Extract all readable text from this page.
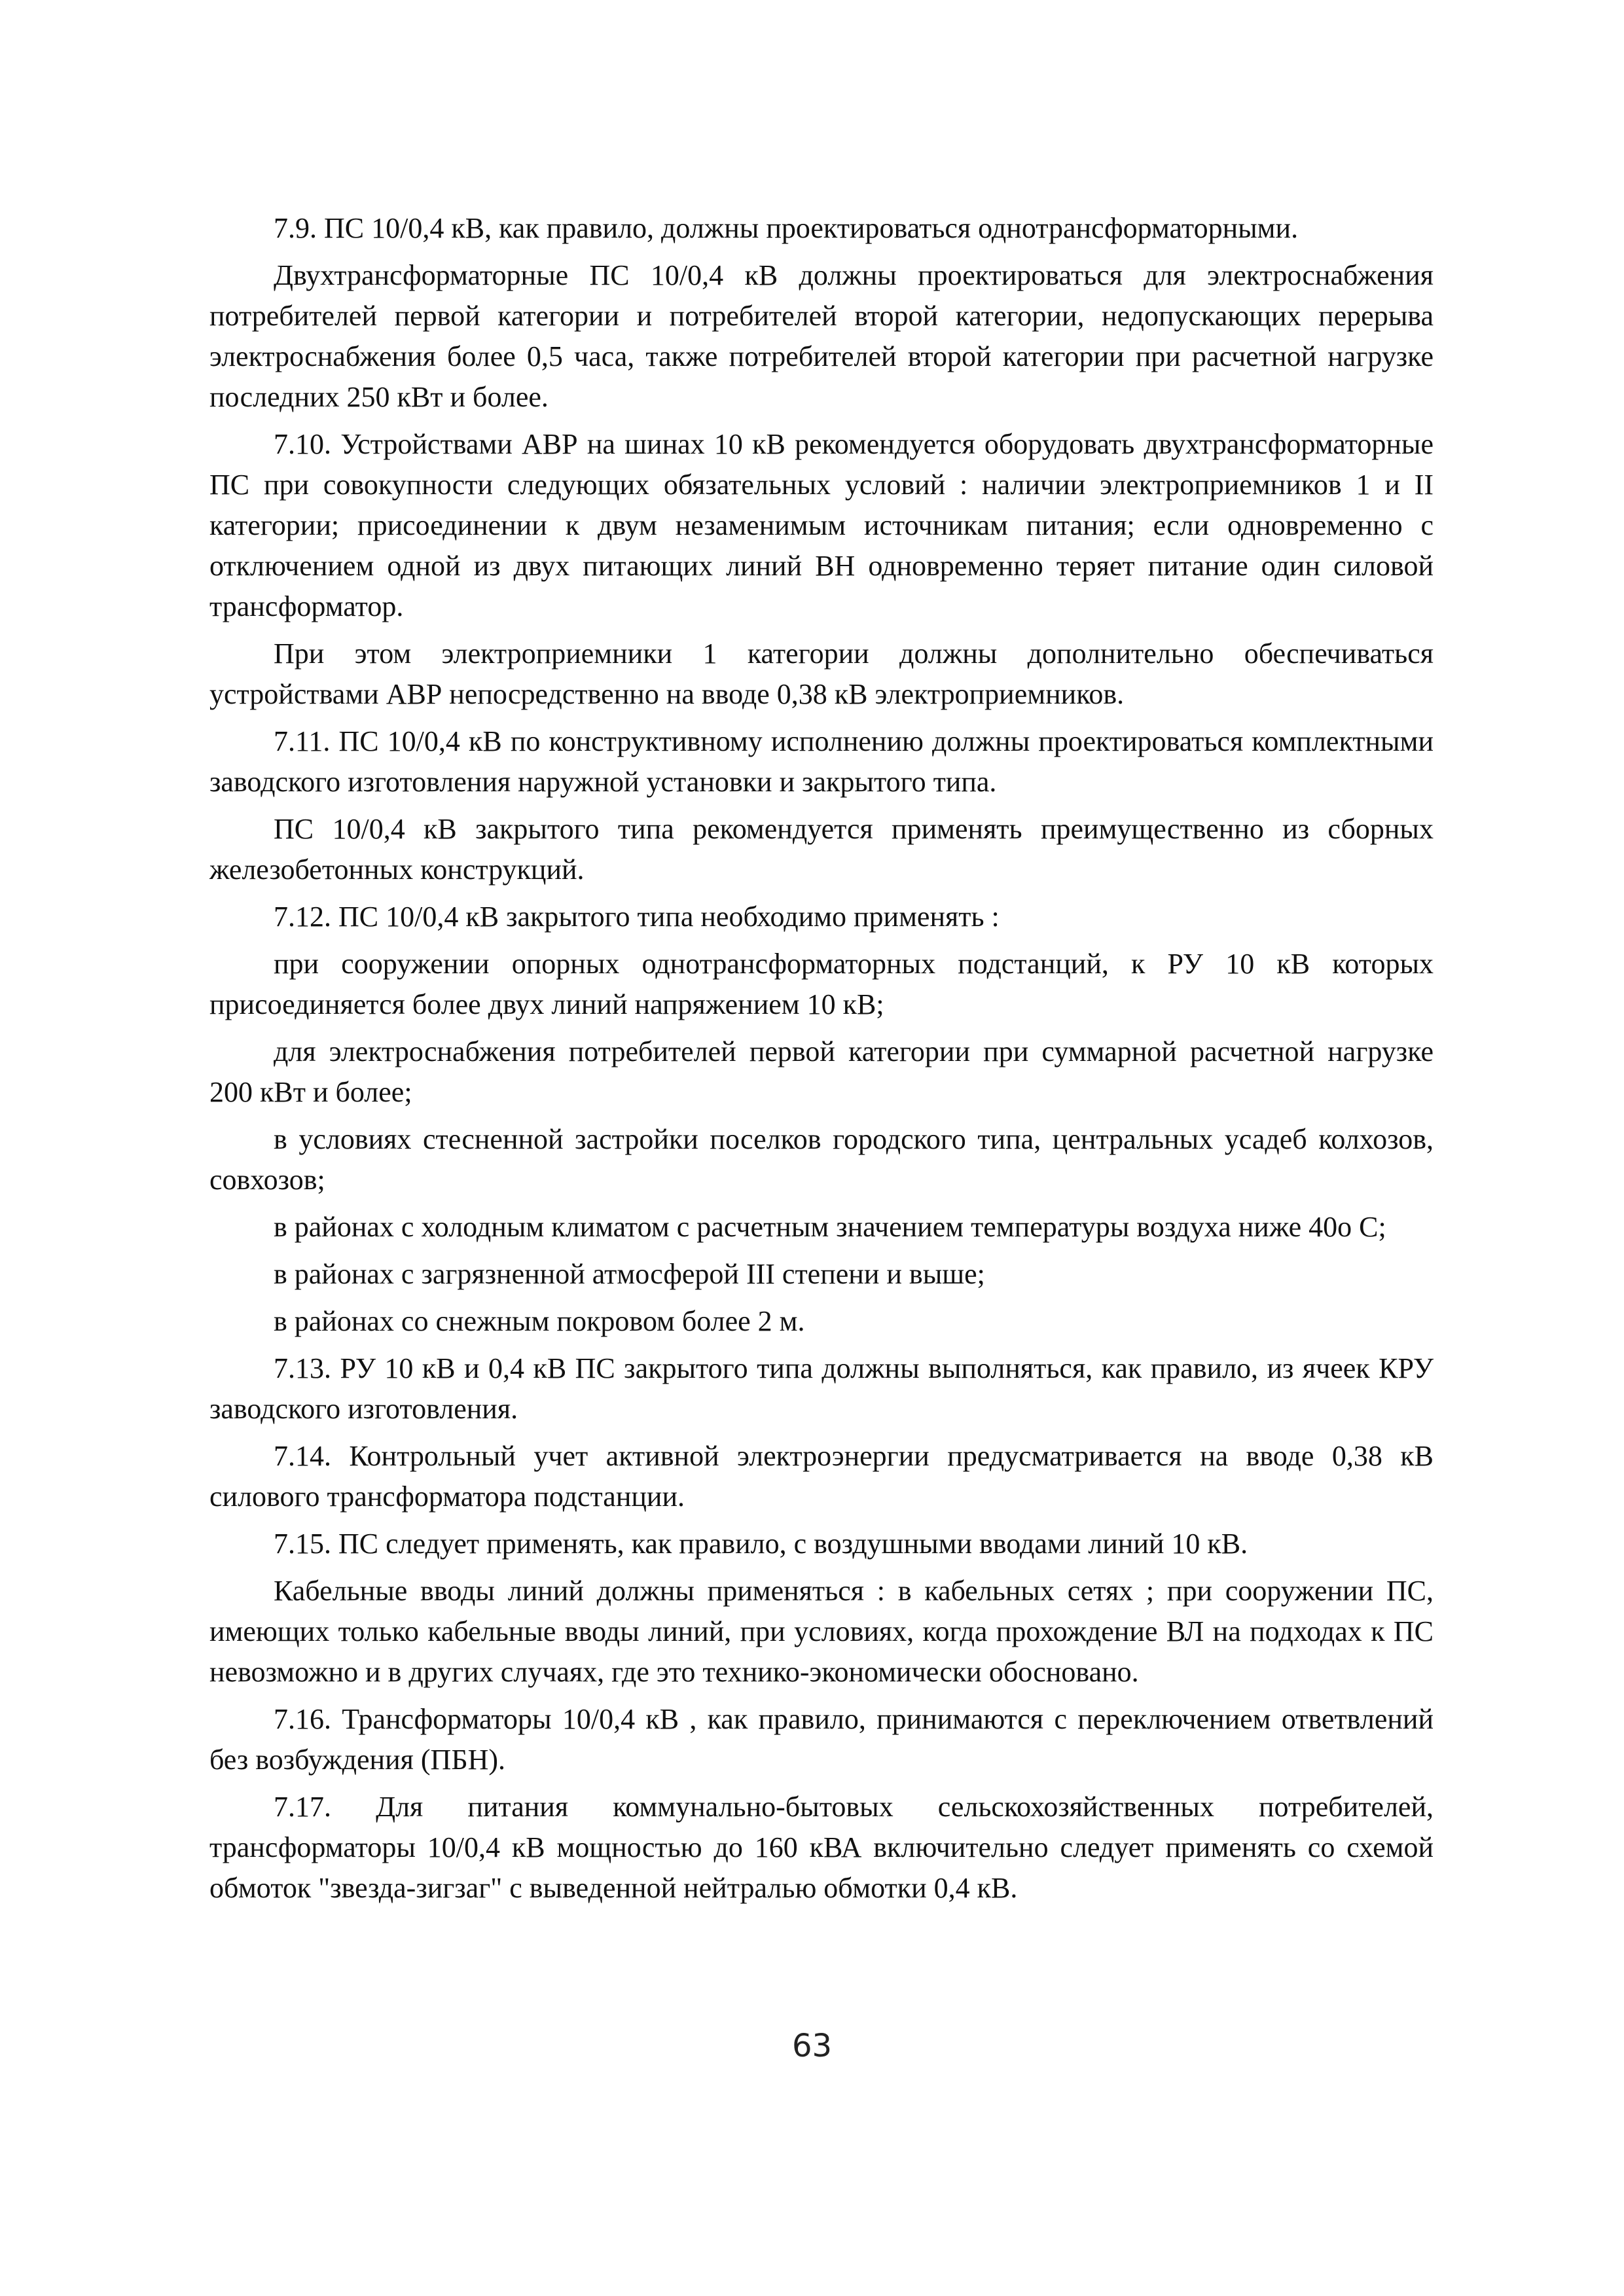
7.9. ПС 10/0,4 кВ, как правило, должны проектироваться однотрансформаторными.

Двухтрансформаторные ПС 10/0,4 кВ должны проектироваться для электроснабжения потребителей первой категории и потребителей второй категории, недопускающих перерыва электроснабжения более 0,5 часа, также потребителей второй категории при расчетной нагрузке последних 250 кВт и более.

7.10. Устройствами АВР на шинах 10 кВ рекомендуется оборудовать двухтрансформаторные ПС при совокупности следующих обязательных условий : наличии электроприемников 1 и II категории; присоединении к двум незаменимым источникам питания; если одновременно с отключением одной из двух питающих линий ВН одновременно теряет питание один силовой трансформатор.

При этом электроприемники 1 категории должны дополнительно обеспечиваться устройствами АВР непосредственно на вводе 0,38 кВ электроприемников.

7.11. ПС 10/0,4 кВ по конструктивному исполнению должны проектироваться комплектными заводского изготовления наружной установки и закрытого типа.

ПС 10/0,4 кВ закрытого типа рекомендуется применять преимущественно из сборных железобетонных конструкций.

7.12. ПС 10/0,4 кВ закрытого типа необходимо применять :

при сооружении опорных однотрансформаторных подстанций, к РУ 10 кВ которых присоединяется более двух линий напряжением 10 кВ;

для электроснабжения потребителей первой категории при суммарной расчетной нагрузке 200 кВт и более;

в условиях стесненной застройки поселков городского типа, центральных усадеб колхозов, совхозов;

в районах с холодным климатом с расчетным значением температуры воздуха ниже 40о С;

в районах с загрязненной атмосферой III степени и выше;

в районах со снежным покровом более 2 м.

7.13. РУ 10 кВ и 0,4 кВ ПС закрытого типа должны выполняться, как правило, из ячеек КРУ заводского изготовления.

7.14. Контрольный учет активной электроэнергии предусматривается на вводе 0,38 кВ силового трансформатора подстанции.

7.15. ПС следует применять, как правило, с воздушными вводами линий 10 кВ.

Кабельные вводы линий должны применяться : в кабельных сетях ; при сооружении ПС, имеющих только кабельные вводы линий, при условиях, когда прохождение ВЛ на подходах к ПС невозможно и в других случаях, где это технико-экономически обосновано.

7.16. Трансформаторы 10/0,4 кВ , как правило, принимаются с переключением ответвлений без возбуждения (ПБН).

7.17. Для питания коммунально-бытовых сельскохозяйственных потребителей, трансформаторы 10/0,4 кВ мощностью до 160 кВА включительно следует применять со схемой обмоток "звезда-зигзаг" с выведенной нейтралью обмотки 0,4 кВ.

63
